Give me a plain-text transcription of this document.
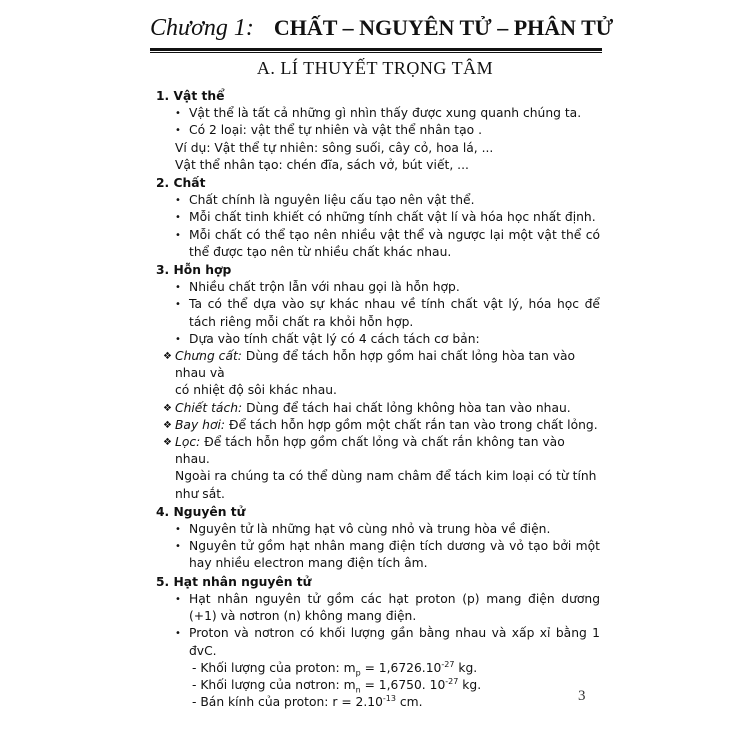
Chương 1: CHẤT – NGUYÊN TỬ – PHÂN TỬ
A. LÍ THUYẾT TRỌNG TÂM
1. Vật thể
• Vật thể là tất cả những gì nhìn thấy được xung quanh chúng ta.
• Có 2 loại: vật thể tự nhiên và vật thể nhân tạo .
Ví dụ: Vật thể tự nhiên: sông suối, cây cỏ, hoa lá, ...
Vật thể nhân tạo: chén đĩa, sách vở, bút viết, ...
2. Chất
• Chất chính là nguyên liệu cấu tạo nên vật thể.
• Mỗi chất tinh khiết có những tính chất vật lí và hóa học nhất định.
• Mỗi chất có thể tạo nên nhiều vật thể và ngược lại một vật thể có thể được tạo nên từ nhiều chất khác nhau.
3. Hỗn hợp
• Nhiều chất trộn lẫn với nhau gọi là hỗn hợp.
• Ta có thể dựa vào sự khác nhau về tính chất vật lý, hóa học để tách riêng mỗi chất ra khỏi hỗn hợp.
• Dựa vào tính chất vật lý có 4 cách tách cơ bản:
❖ Chưng cất: Dùng để tách hỗn hợp gồm hai chất lỏng hòa tan vào nhau và
có nhiệt độ sôi khác nhau.
❖ Chiết tách: Dùng để tách hai chất lỏng không hòa tan vào nhau.
❖ Bay hơi: Để tách hỗn hợp gồm một chất rắn tan vào trong chất lỏng.
❖ Lọc: Để tách hỗn hợp gồm chất lỏng và chất rắn không tan vào nhau.
Ngoài ra chúng ta có thể dùng nam châm để tách kim loại có từ tính như sắt.
4. Nguyên tử
• Nguyên tử là những hạt vô cùng nhỏ và trung hòa về điện.
• Nguyên tử gồm hạt nhân mang điện tích dương và vỏ tạo bởi một hay nhiều electron mang điện tích âm.
5. Hạt nhân nguyên tử
• Hạt nhân nguyên tử gồm các hạt proton (p) mang điện dương (+1) và nơtron (n) không mang điện.
• Proton và nơtron có khối lượng gần bằng nhau và xấp xỉ bằng 1 đvC.
- Khối lượng của proton: $m_p = 1,6726.10^{-27}$ kg.
- Khối lượng của nơtron: $m_n = 1,6750$. $10^{-27}$ kg.
- Bán kính của proton: $r = 2.10^{-13}$ cm.	3
